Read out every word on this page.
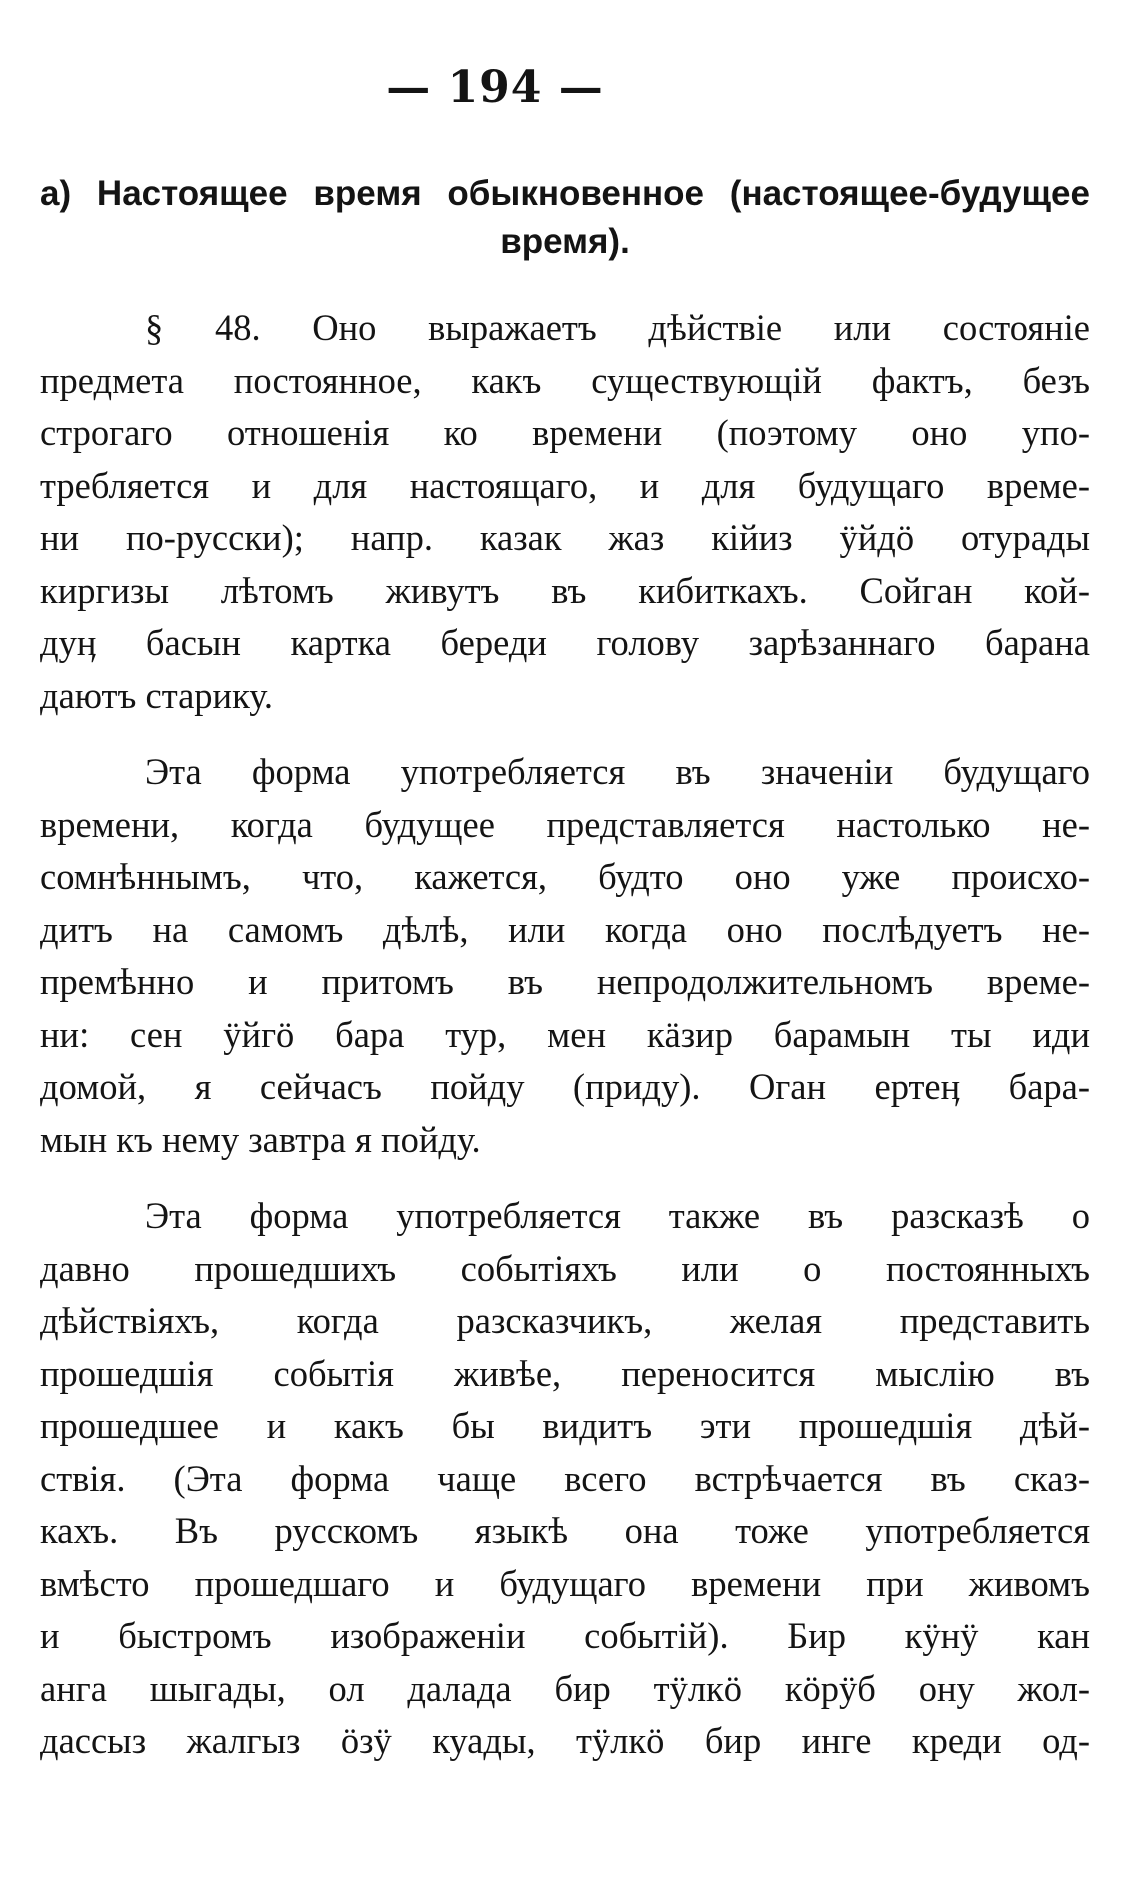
— 194 —
а) Настоящее время обыкновенное (настоящее-будущее
время).

§ 48. Оно выражаетъ дѣйствiе или состоянiе
предмета постоянное, какъ существующiй фактъ, безъ
строгаго отношенiя ко времени (поэтому оно упо-
требляется и для настоящаго, и для будущаго време-
ни по-русски); напр. казак жаз кiйиз ӱйдӧ отурады
киргизы лѣтомъ живутъ въ кибиткахъ. Сойган кой-
дуӊ басын картка береди голову зарѣзаннаго барана
даютъ старику.

Эта форма употребляется въ значенiи будущаго
времени, когда будущее представляется настолько не-
сомнѣннымъ, что, кажется, будто оно уже происхо-
дитъ на самомъ дѣлѣ, или когда оно послѣдуетъ не-
премѣнно и притомъ въ непродолжительномъ време-
ни: сен ӱйгӧ бара тур, мен кӓзир барамын ты иди
домой, я сейчасъ пойду (приду). Оган ертеӊ бара-
мын къ нему завтра я пойду.

Эта форма употребляется также въ разсказѣ о
давно прошедшихъ событiяхъ или о постоянныхъ
дѣйствiяхъ, когда разсказчикъ, желая представить
прошедшiя событiя живѣе, переносится мыслiю въ
прошедшее и какъ бы видитъ эти прошедшiя дѣй-
ствiя. (Эта форма чаще всего встрѣчается въ сказ-
кахъ. Въ русскомъ языкѣ она тоже употребляется
вмѣсто прошедшаго и будущаго времени при живомъ
и быстромъ изображенiи событiй). Бир кӱнӱ кан
анга шыгады, ол далада бир тӱлкӧ кӧрӱб ону жол-
дассыз жалгыз ӧзӱ куады, тӱлкӧ бир инге креди од-
